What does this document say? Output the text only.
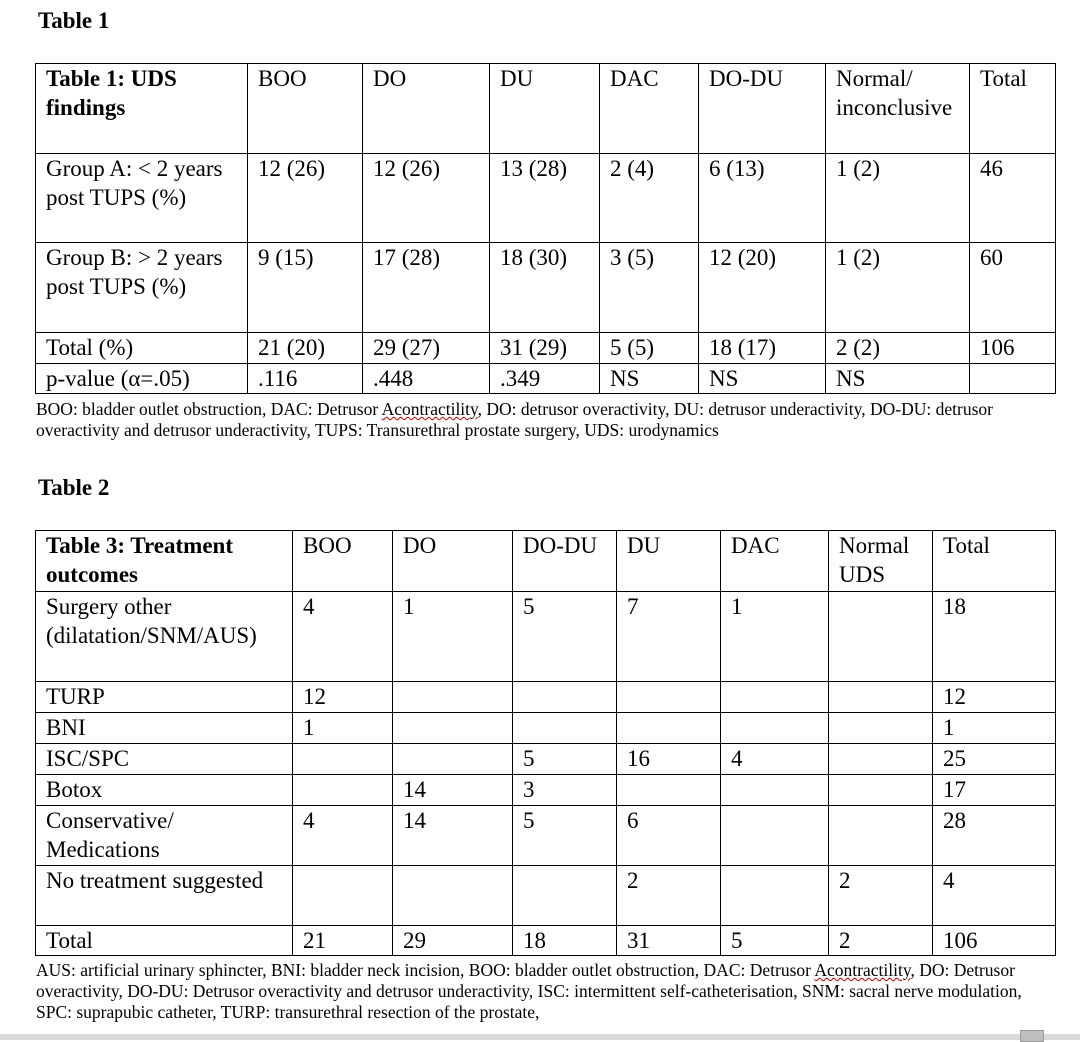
Table 1
Table 1: UDS findings	BOO	DO	DU	DAC	DO-DU	Normal/ inconclusive	Total
Group A: < 2 years post TUPS (%)	12 (26)	12 (26)	13 (28)	2 (4)	6 (13)	1 (2)	46
Group B: > 2 years post TUPS (%)	9 (15)	17 (28)	18 (30)	3 (5)	12 (20)	1 (2)	60
Total (%)	21 (20)	29 (27)	31 (29)	5 (5)	18 (17)	2 (2)	106
p-value (α=.05)	.116	.448	.349	NS	NS	NS	
BOO: bladder outlet obstruction, DAC: Detrusor Acontractility, DO: detrusor overactivity, DU: detrusor underactivity, DO-DU: detrusor overactivity and detrusor underactivity, TUPS: Transurethral prostate surgery, UDS: urodynamics
Table 2
Table 3: Treatment outcomes	BOO	DO	DO-DU	DU	DAC	Normal UDS	Total
Surgery other (dilatation/SNM/AUS)	4	1	5	7	1		18
TURP	12						12
BNI	1						1
ISC/SPC			5	16	4		25
Botox		14	3				17
Conservative/ Medications	4	14	5	6			28
No treatment suggested				2		2	4
Total	21	29	18	31	5	2	106
AUS: artificial urinary sphincter, BNI: bladder neck incision, BOO: bladder outlet obstruction, DAC: Detrusor Acontractility, DO: Detrusor overactivity, DO-DU: Detrusor overactivity and detrusor underactivity, ISC: intermittent self-catheterisation, SNM: sacral nerve modulation, SPC: suprapubic catheter, TURP: transurethral resection of the prostate,
